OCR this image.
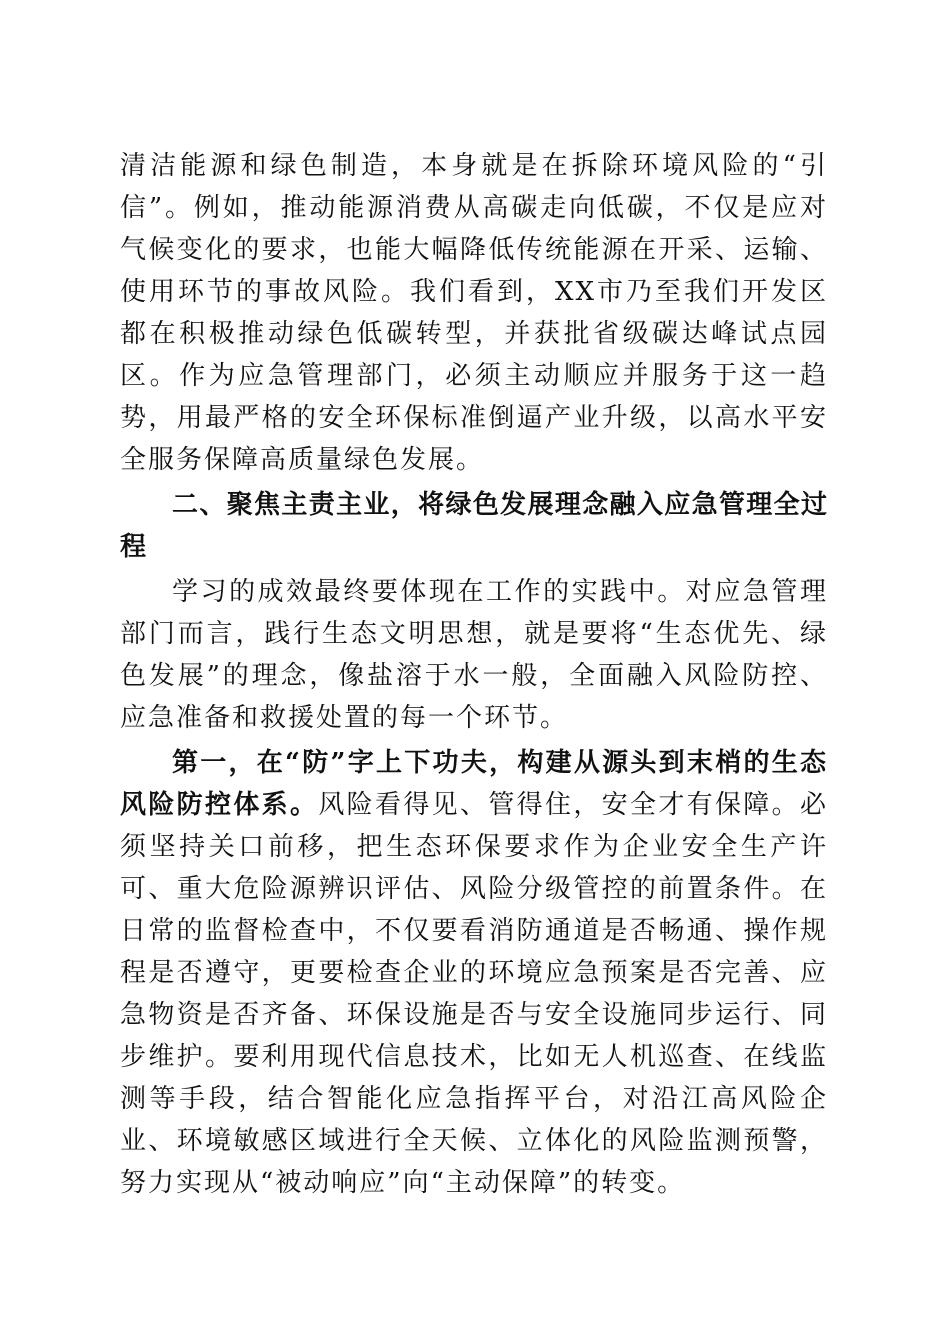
清洁能源和绿色制造，本身就是在拆除环境风险的“引信”。例如，推动能源消费从高碳走向低碳，不仅是应对气候变化的要求，也能大幅降低传统能源在开采、运输、使用环节的事故风险。我们看到，XX市乃至我们开发区都在积极推动绿色低碳转型，并获批省级碳达峰试点园区。作为应急管理部门，必须主动顺应并服务于这一趋势，用最严格的安全环保标准倒逼产业升级，以高水平安全服务保障高质量绿色发展。

二、聚焦主责主业，将绿色发展理念融入应急管理全过程

学习的成效最终要体现在工作的实践中。对应急管理部门而言，践行生态文明思想，就是要将“生态优先、绿色发展”的理念，像盐溶于水一般，全面融入风险防控、应急准备和救援处置的每一个环节。

第一，在“防”字上下功夫，构建从源头到末梢的生态风险防控体系。风险看得见、管得住，安全才有保障。必须坚持关口前移，把生态环保要求作为企业安全生产许可、重大危险源辨识评估、风险分级管控的前置条件。在日常的监督检查中，不仅要看消防通道是否畅通、操作规程是否遵守，更要检查企业的环境应急预案是否完善、应急物资是否齐备、环保设施是否与安全设施同步运行、同步维护。要利用现代信息技术，比如无人机巡查、在线监测等手段，结合智能化应急指挥平台，对沿江高风险企业、环境敏感区域进行全天候、立体化的风险监测预警，努力实现从“被动响应”向“主动保障”的转变。
